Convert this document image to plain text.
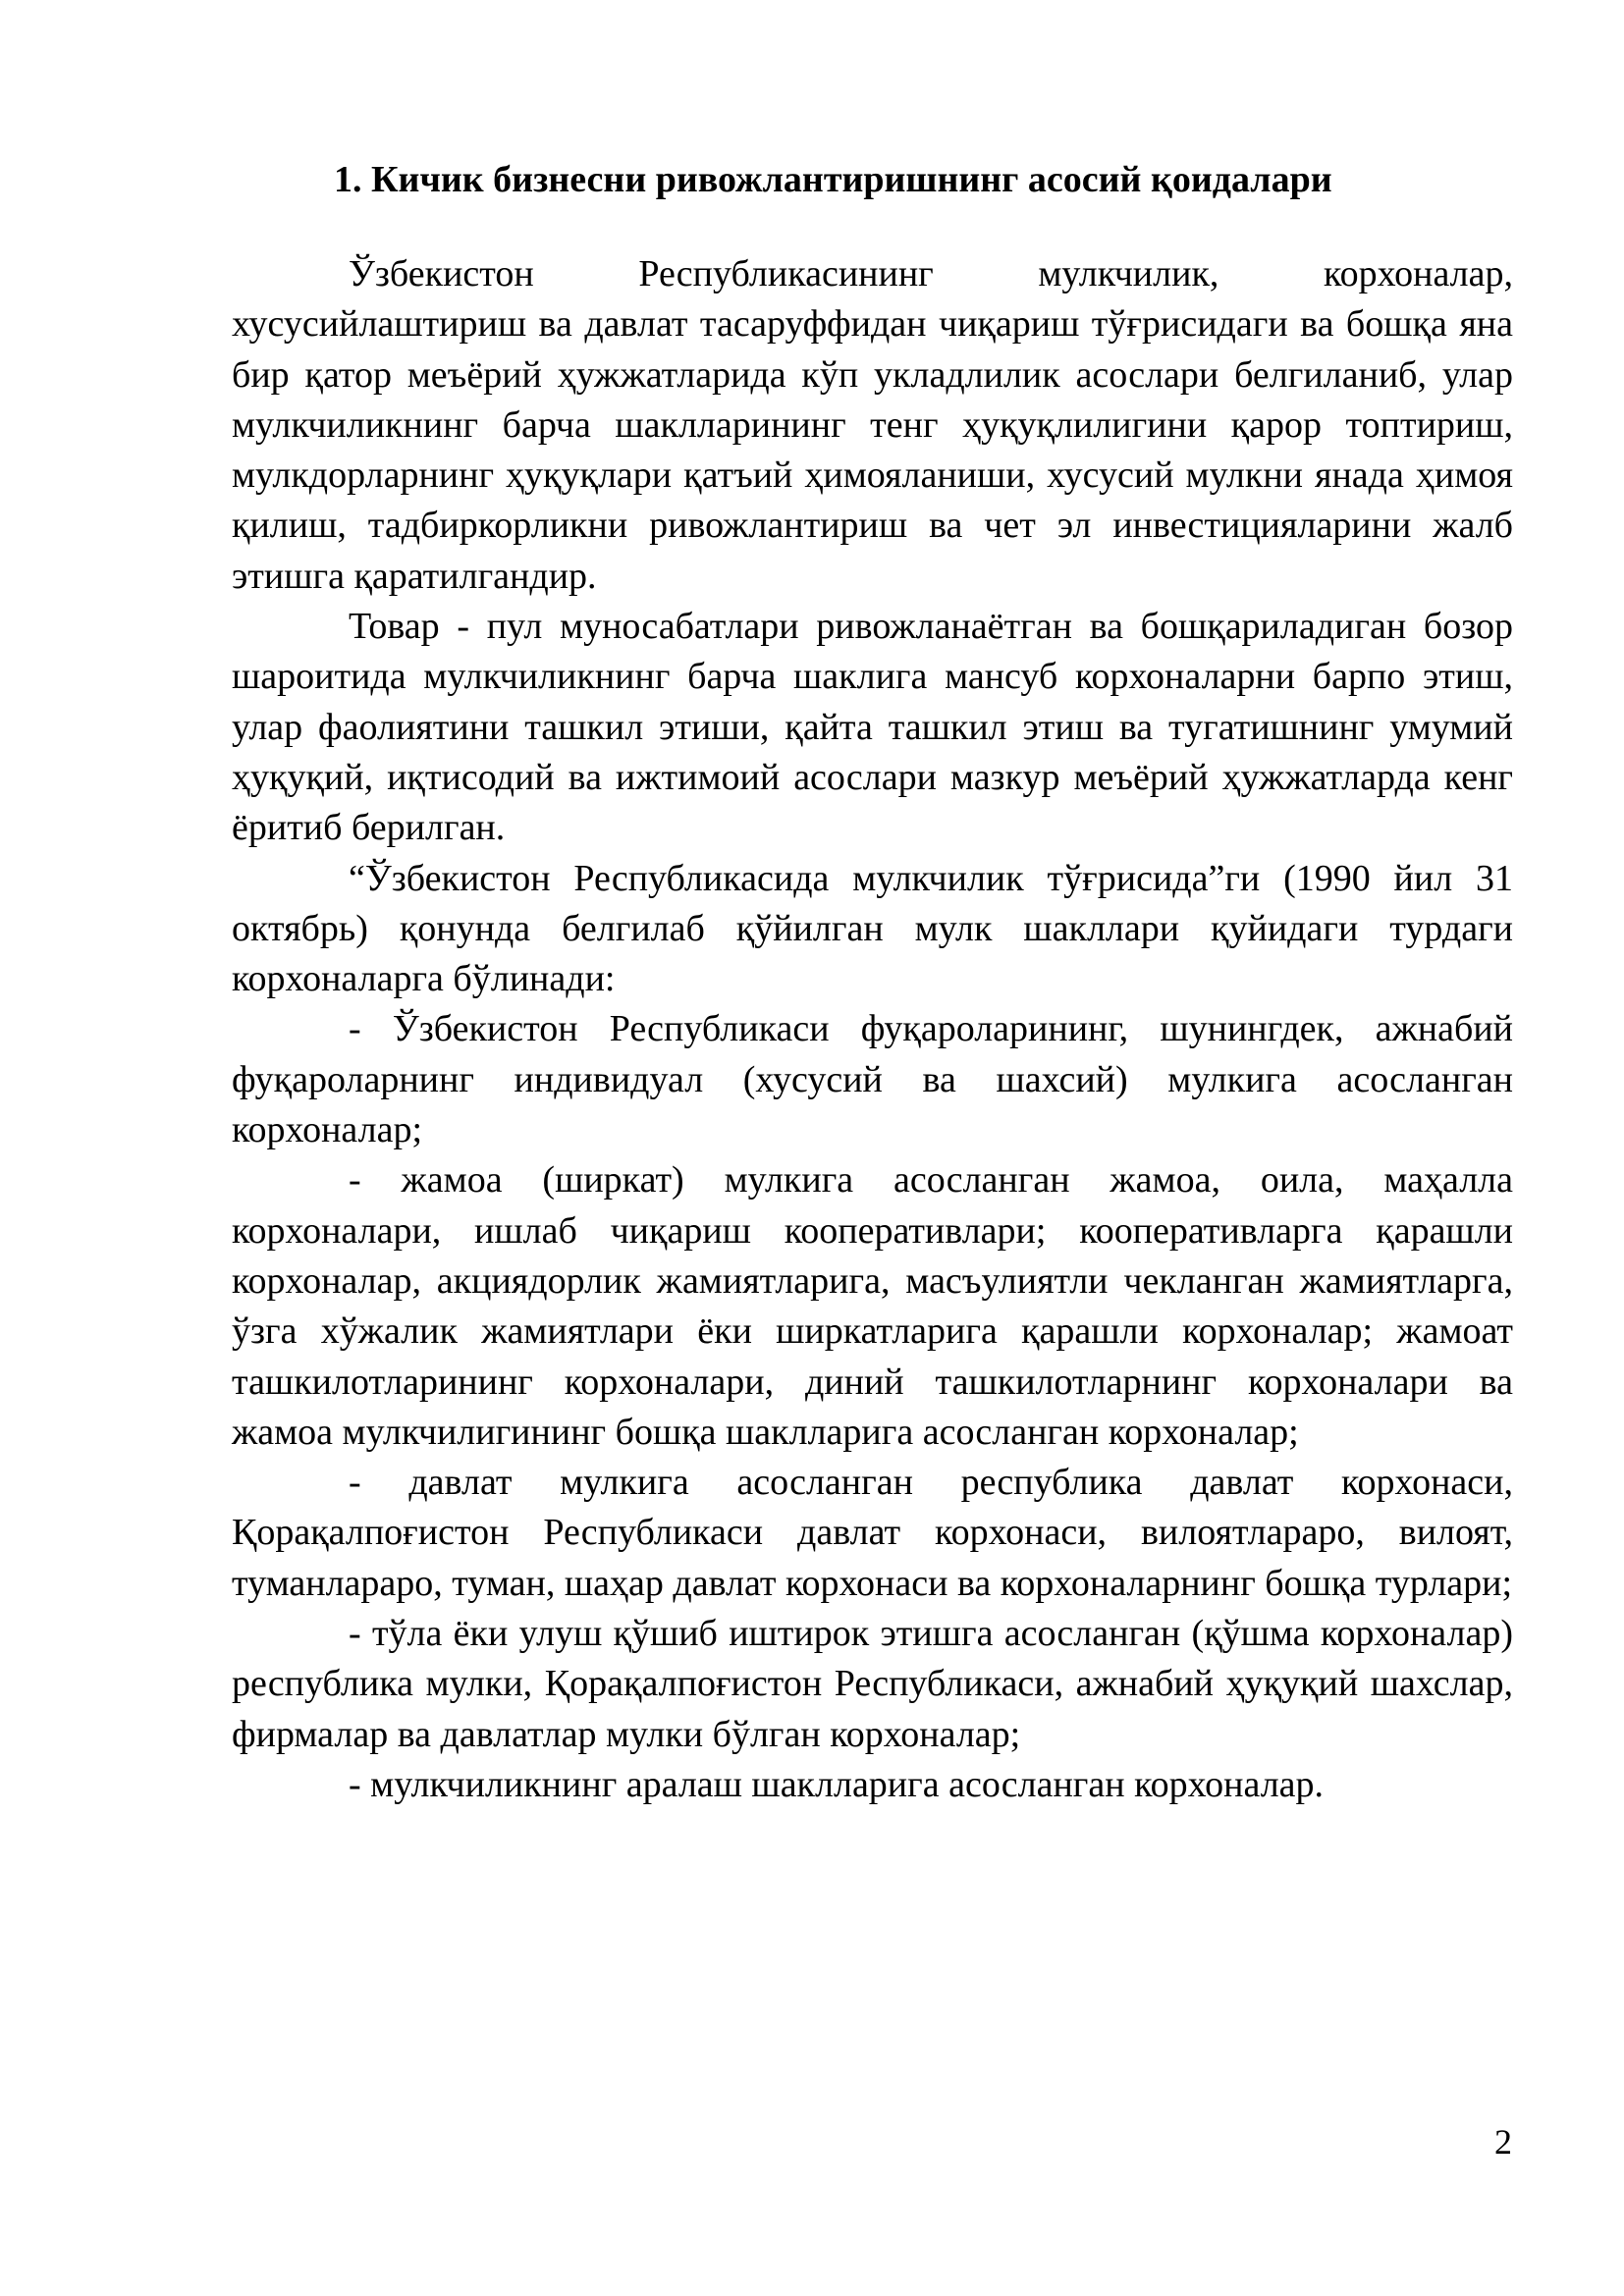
1. Кичик бизнесни ривожлантиришнинг асосий қоидалари

Ўзбекистон Республикасининг мулкчилик, корхоналар, хусусийлаштириш ва давлат тасаруффидан чиқариш тўғрисидаги ва бошқа яна бир қатор меъёрий ҳужжатларида кўп укладлилик асослари белгиланиб, улар мулкчиликнинг барча шаклларининг тенг ҳуқуқлилигини қарор топтириш, мулкдорларнинг ҳуқуқлари қатъий ҳимояланиши, хусусий мулкни янада ҳимоя қилиш, тадбиркорликни ривожлантириш ва чет эл инвестицияларини жалб этишга қаратилгандир.

Товар - пул муносабатлари ривожланаётган ва бошқариладиган бозор шароитида мулкчиликнинг барча шаклига мансуб корхоналарни барпо этиш, улар фаолиятини ташкил этиши, қайта ташкил этиш ва тугатишнинг умумий ҳуқуқий, иқтисодий ва ижтимоий асослари мазкур меъёрий ҳужжатларда кенг ёритиб берилган.

“Ўзбекистон Республикасида мулкчилик тўғрисида”ги (1990 йил 31 октябрь) қонунда белгилаб қўйилган мулк шакллари қуйидаги турдаги корхоналарга бўлинади:

- Ўзбекистон Республикаси фуқароларининг, шунингдек, ажнабий фуқароларнинг индивидуал (хусусий ва шахсий) мулкига асосланган корхоналар;

- жамоа (ширкат) мулкига асосланган жамоа, оила, маҳалла корхоналари, ишлаб чиқариш кооперативлари; кооперативларга қарашли корхоналар, акциядорлик жамиятларига, масъулиятли чекланган жамиятларга, ўзга хўжалик жамиятлари ёки ширкатларига қарашли корхоналар; жамоат ташкилотларининг корхоналари, диний ташкилотларнинг корхоналари ва жамоа мулкчилигининг бошқа шаклларига асосланган корхоналар;

- давлат мулкига асосланган республика давлат корхонаси, Қорақалпоғистон Республикаси давлат корхонаси, вилоятлараро, вилоят, туманлараро, туман, шаҳар давлат корхонаси ва корхоналарнинг бошқа турлари;

- тўла ёки улуш қўшиб иштирок этишга асосланган (қўшма корхоналар) республика мулки, Қорақалпоғистон Республикаси, ажнабий ҳуқуқий шахслар, фирмалар ва давлатлар мулки бўлган корхоналар;

- мулкчиликнинг аралаш шаклларига асосланган корхоналар.

2
